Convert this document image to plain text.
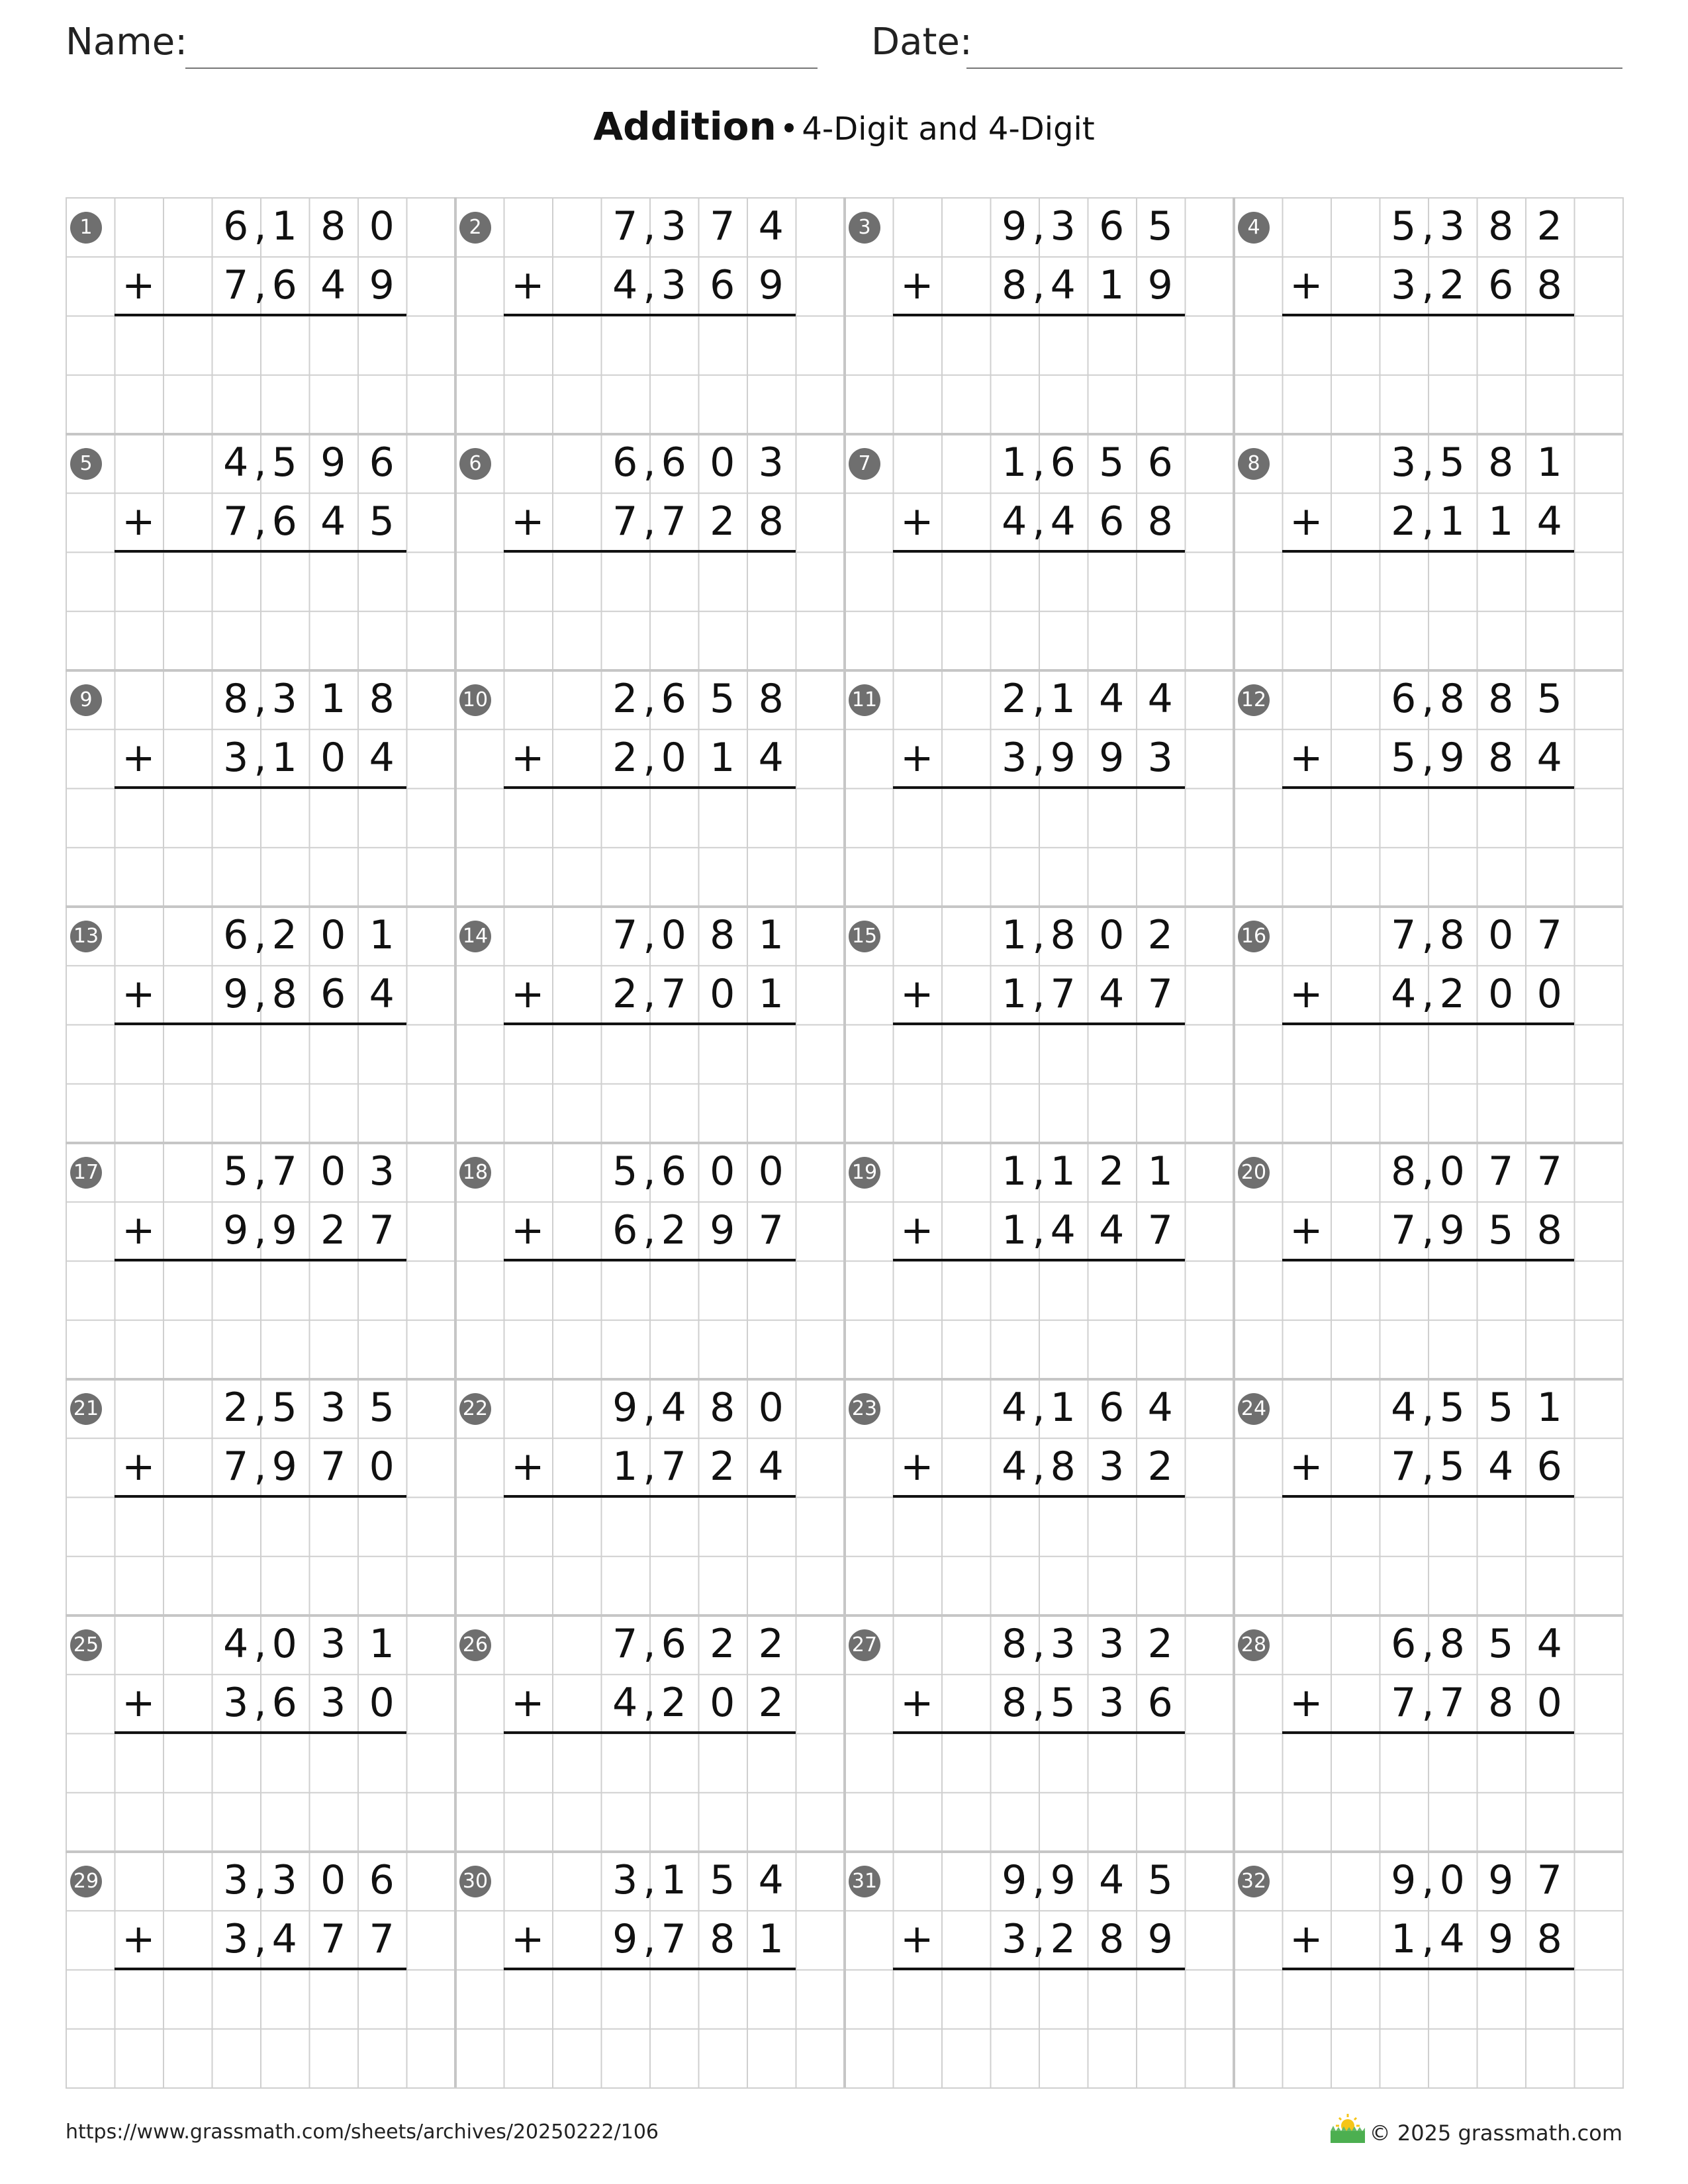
Name:	Date:
Addition • 4-Digit and 4-Digit
1	6 1 8 0
,
+ 7 6 4 9
,
2	7 3 7 4
,
+ 4 3 6 9
,
3	9 3 6 5
,
+ 8 4 1 9
,
4	5 3 8 2
,
+ 3 2 6 8
,
5	4 5 9 6
,
+ 7 6 4 5
,
6	6 6 0 3
,
+ 7 7 2 8
,
7	1 6 5 6
,
+ 4 4 6 8
,
8	3 5 8 1
,
+ 2 1 1 4
,
9	8 3 1 8
,
+ 3 1 0 4
,
10	2 6 5 8
,
+ 2 0 1 4
,
11	2 1 4 4
,
+ 3 9 9 3
,
12	6 8 8 5
,
+ 5 9 8 4
,
13	6 2 0 1
,
+ 9 8 6 4
,
14	7 0 8 1
,
+ 2 7 0 1
,
15	1 8 0 2
,
+ 1 7 4 7
,
16	7 8 0 7
,
+ 4 2 0 0
,
17	5 7 0 3
,
+ 9 9 2 7
,
18	5 6 0 0
,
+ 6 2 9 7
,
19	1 1 2 1
,
+ 1 4 4 7
,
20	8 0 7 7
,
+ 7 9 5 8
,
21	2 5 3 5
,
+ 7 9 7 0
,
22	9 4 8 0
,
+ 1 7 2 4
,
23	4 1 6 4
,
+ 4 8 3 2
,
24	4 5 5 1
,
+ 7 5 4 6
,
25	4 0 3 1
,
+ 3 6 3 0
,
26	7 6 2 2
,
+ 4 2 0 2
,
27	8 3 3 2
,
+ 8 5 3 6
,
28	6 8 5 4
,
+ 7 7 8 0
,
29	3 3 0 6
,
+ 3 4 7 7
,
30	3 1 5 4
,
+ 9 7 8 1
,
31	9 9 4 5
,
+ 3 2 8 9
,
32	9 0 9 7
,
+ 1 4 9 8
,
https://www.grassmath.com/sheets/archives/20250222/106	© 2025 grassmath.com
